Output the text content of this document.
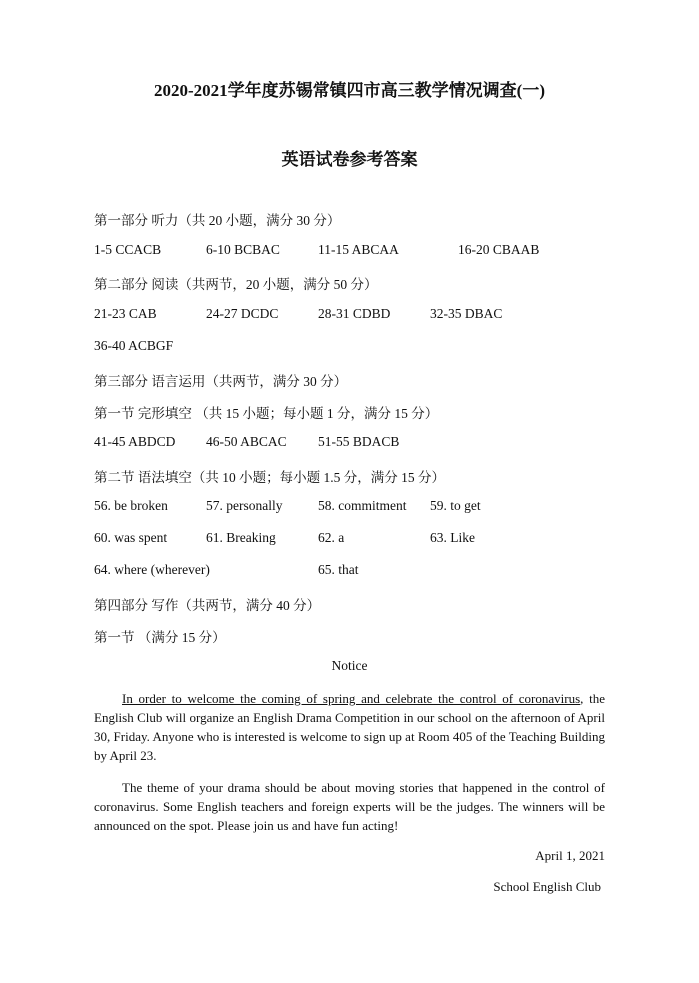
2020-2021学年度苏锡常镇四市高三教学情况调查(一)
英语试卷参考答案
第一部分 听力（共 20 小题，满分 30 分）
1-5 CCACB	6-10 BCBAC	11-15 ABCAA	16-20 CBAAB
第二部分 阅读（共两节，20 小题，满分 50 分）
21-23 CAB	24-27 DCDC	28-31 CDBD	32-35 DBAC
36-40 ACBGF
第三部分 语言运用（共两节，满分 30 分）
第一节 完形填空 （共 15 小题；每小题 1 分，满分 15 分）
41-45 ABDCD 46-50 ABCAC 51-55 BDACB
第二节 语法填空（共 10 小题；每小题 1.5 分，满分 15 分）
56. be broken	57. personally	58. commitment 59. to get
60. was spent	61. Breaking	62. a	63. Like
64. where (wherever)	65. that
第四部分 写作（共两节，满分 40 分）
第一节 （满分 15 分）
Notice
In order to welcome the coming of spring and celebrate the control of coronavirus, the English Club will organize an English Drama Competition in our school on the afternoon of April 30, Friday. Anyone who is interested is welcome to sign up at Room 405 of the Teaching Building by April 23.
The theme of your drama should be about moving stories that happened in the control of coronavirus. Some English teachers and foreign experts will be the judges. The winners will be announced on the spot. Please join us and have fun acting!
April 1, 2021
School English Club
